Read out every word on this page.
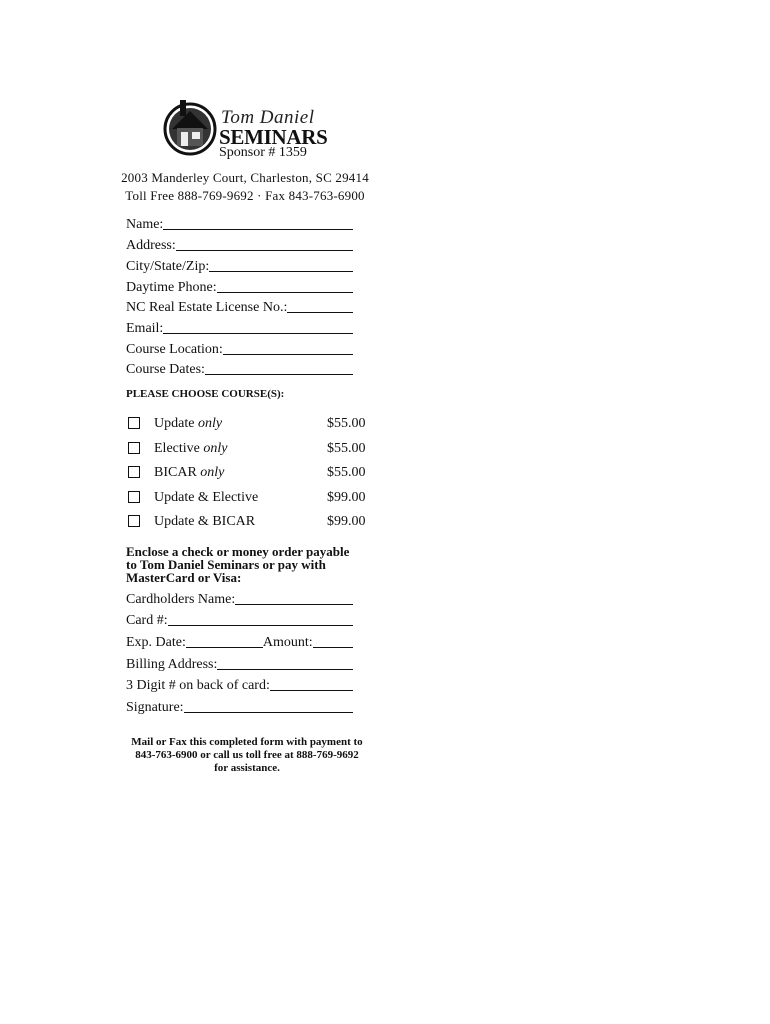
Tom Daniel
SEMINARS
Sponsor # 1359
2003 Manderley Court, Charleston, SC 29414
Toll Free 888-769-9692 · Fax 843-763-6900
Name:
Address:
City/State/Zip:
Daytime Phone:
NC Real Estate License No.:
Email:
Course Location:
Course Dates:
PLEASE CHOOSE COURSE(S):
Update only	$55.00
Elective only	$55.00
BICAR only	$55.00
Update & Elective	$99.00
Update & BICAR	$99.00
Enclose a check or money order payable
to Tom Daniel Seminars or pay with
MasterCard or Visa:
Cardholders Name:
Card #:
Exp. Date:	Amount:
Billing Address:
3 Digit # on back of card:
Signature:
Mail or Fax this completed form with payment to
843-763-6900 or call us toll free at 888-769-9692
for assistance.
